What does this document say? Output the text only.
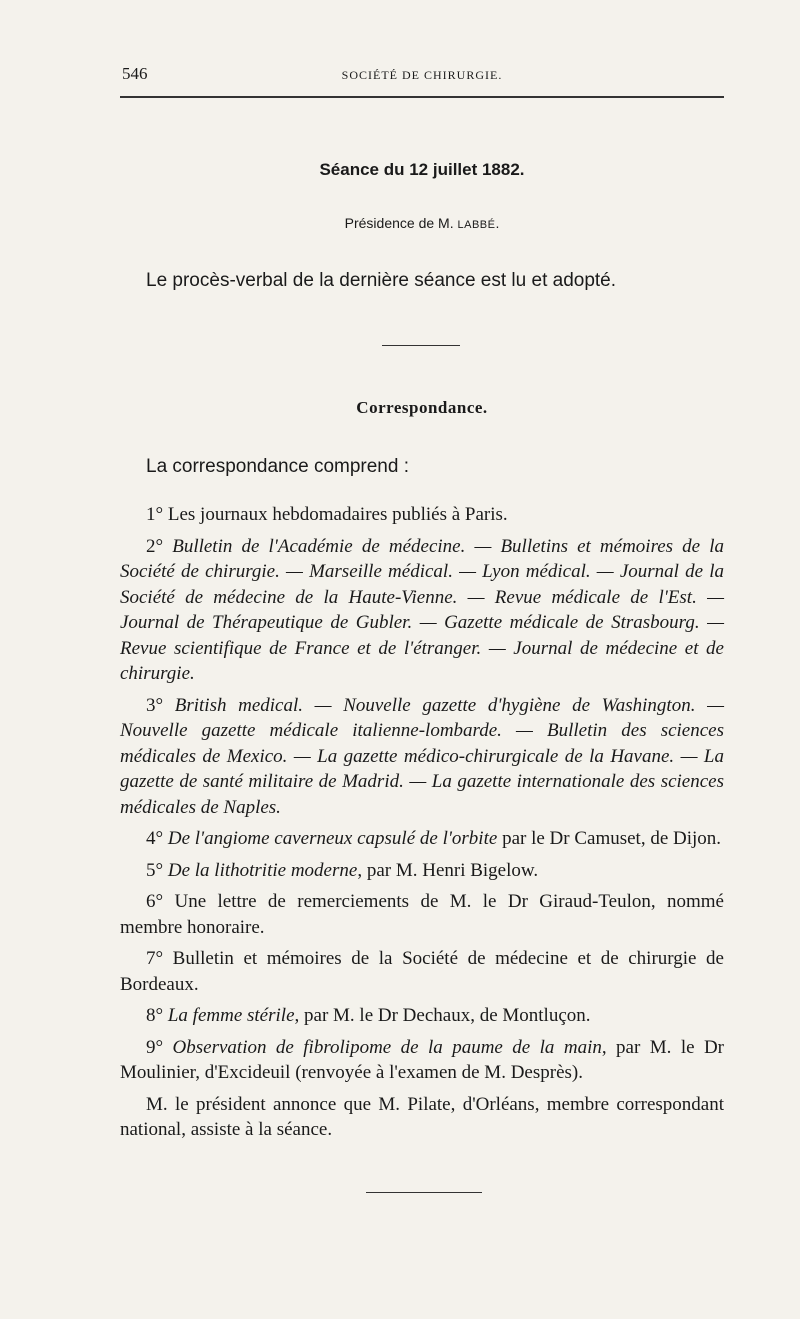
546	SOCIÉTÉ DE CHIRURGIE.
Séance du 12 juillet 1882.
Présidence de M. LABBÉ.
Le procès-verbal de la dernière séance est lu et adopté.
Correspondance.
La correspondance comprend :

1° Les journaux hebdomadaires publiés à Paris.

2° Bulletin de l'Académie de médecine. — Bulletins et mémoires de la Société de chirurgie. — Marseille médical. — Lyon médical. — Journal de la Société de médecine de la Haute-Vienne. — Revue médicale de l'Est. — Journal de Thérapeutique de Gubler. — Gazette médicale de Strasbourg. — Revue scientifique de France et de l'étranger. — Journal de médecine et de chirurgie.

3° British medical. — Nouvelle gazette d'hygiène de Washington. — Nouvelle gazette médicale italienne-lombarde. — Bulletin des sciences médicales de Mexico. — La gazette médico-chirurgicale de la Havane. — La gazette de santé militaire de Madrid. — La gazette internationale des sciences médicales de Naples.

4° De l'angiome caverneux capsulé de l'orbite par le Dr Camuset, de Dijon.

5° De la lithotritie moderne, par M. Henri Bigelow.

6° Une lettre de remerciements de M. le Dr Giraud-Teulon, nommé membre honoraire.

7° Bulletin et mémoires de la Société de médecine et de chirurgie de Bordeaux.

8° La femme stérile, par M. le Dr Dechaux, de Montluçon.

9° Observation de fibrolipome de la paume de la main, par M. le Dr Moulinier, d'Excideuil (renvoyée à l'examen de M. Desprès).

M. le président annonce que M. Pilate, d'Orléans, membre correspondant national, assiste à la séance.
